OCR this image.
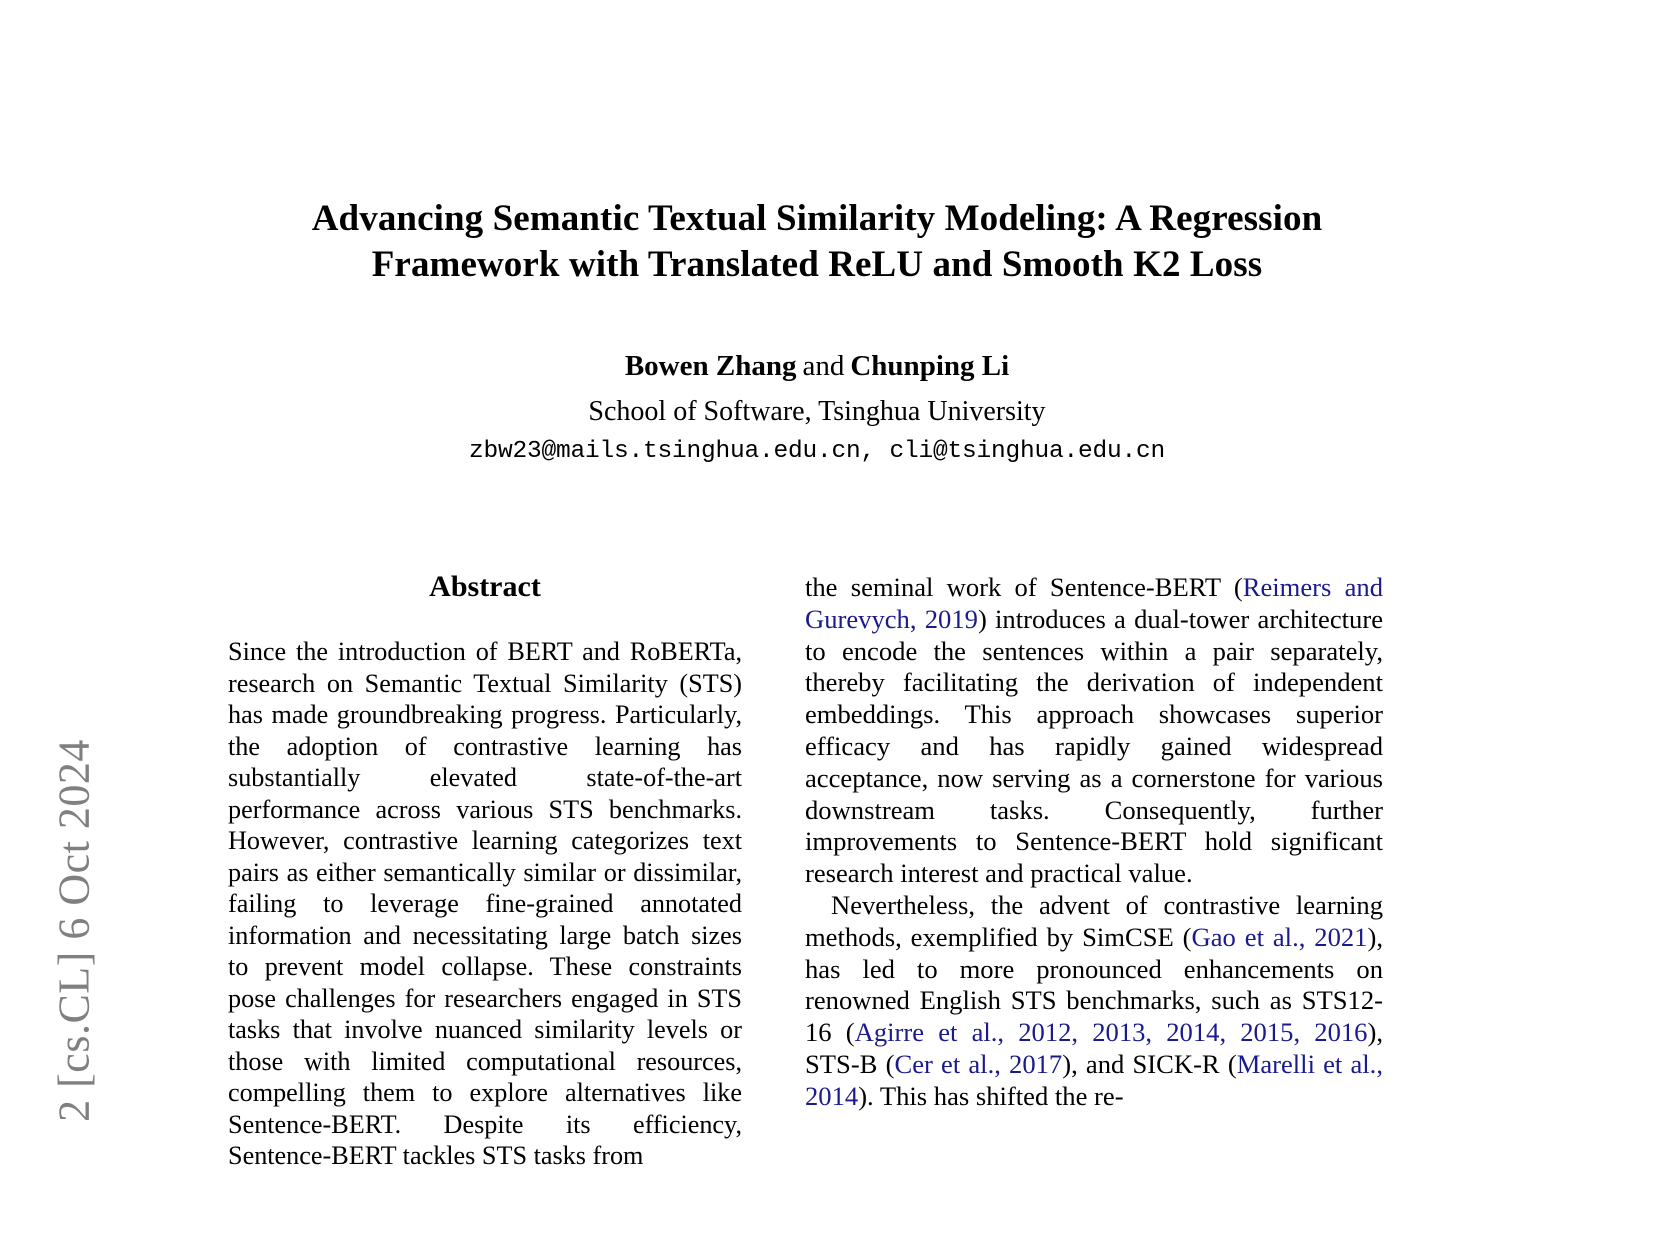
2 [cs.CL] 6 Oct 2024
Advancing Semantic Textual Similarity Modeling: A Regression
Framework with Translated ReLU and Smooth K2 Loss
Bowen Zhang and Chunping Li
School of Software, Tsinghua University
zbw23@mails.tsinghua.edu.cn, cli@tsinghua.edu.cn
Abstract

Since the introduction of BERT and RoBERTa, research on Semantic Textual Similarity (STS) has made groundbreaking progress. Particularly, the adoption of contrastive learning has substantially elevated state-of-the-art performance across various STS benchmarks. However, contrastive learning categorizes text pairs as either semantically similar or dissimilar, failing to leverage fine-grained annotated information and necessitating large batch sizes to prevent model collapse. These constraints pose challenges for researchers engaged in STS tasks that involve nuanced similarity levels or those with limited computational resources, compelling them to explore alternatives like Sentence-BERT. Despite its efficiency, Sentence-BERT tackles STS tasks from

the seminal work of Sentence-BERT (Reimers and Gurevych, 2019) introduces a dual-tower architecture to encode the sentences within a pair separately, thereby facilitating the derivation of independent embeddings. This approach showcases superior efficacy and has rapidly gained widespread acceptance, now serving as a cornerstone for various downstream tasks. Consequently, further improvements to Sentence-BERT hold significant research interest and practical value.

Nevertheless, the advent of contrastive learning methods, exemplified by SimCSE (Gao et al., 2021), has led to more pronounced enhancements on renowned English STS benchmarks, such as STS12-16 (Agirre et al., 2012, 2013, 2014, 2015, 2016), STS-B (Cer et al., 2017), and SICK-R (Marelli et al., 2014). This has shifted the re-
